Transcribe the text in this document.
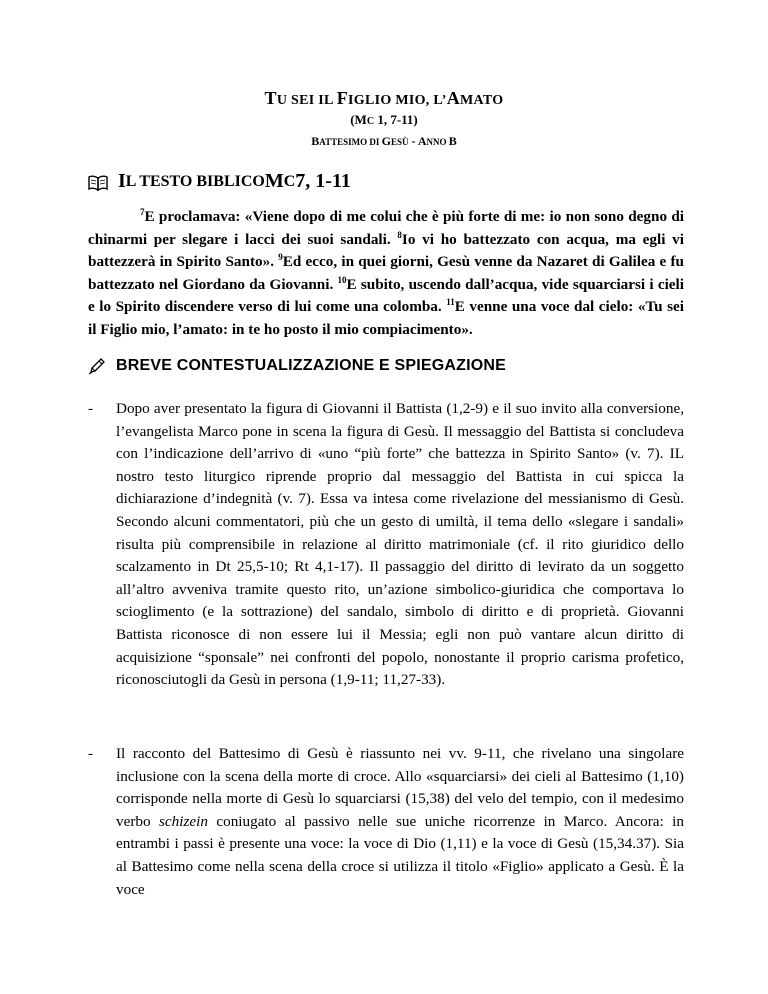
TU SEI IL FIGLIO MIO, L’AMATO
(MC 1, 7-11)
BATTESIMO DI GESÙ - ANNO B
I L TESTO BIBLICO M C 7, 1-11
$^7$E proclamava: «Viene dopo di me colui che è più forte di me: io non sono degno di chinarmi per slegare i lacci dei suoi sandali. $^8$Io vi ho battezzato con acqua, ma egli vi battezzerà in Spirito Santo». $^9$Ed ecco, in quei giorni, Gesù venne da Nazaret di Galilea e fu battezzato nel Giordano da Giovanni. $^{10}$E subito, uscendo dall’acqua, vide squarciarsi i cieli e lo Spirito discendere verso di lui come una colomba. $^{11}$E venne una voce dal cielo: «Tu sei il Figlio mio, l’amato: in te ho posto il mio compiacimento».
BREVE CONTESTUALIZZAZIONE E SPIEGAZIONE
- Dopo aver presentato la figura di Giovanni il Battista (1,2-9) e il suo invito alla conversione, l’evangelista Marco pone in scena la figura di Gesù. Il messaggio del Battista si concludeva con l’indicazione dell’arrivo di «uno “più forte” che battezza in Spirito Santo» (v. 7). IL nostro testo liturgico riprende proprio dal messaggio del Battista in cui spicca la dichiarazione d’indegnità (v. 7). Essa va intesa come rivelazione del messianismo di Gesù. Secondo alcuni commentatori, più che un gesto di umiltà, il tema dello «slegare i sandali» risulta più comprensibile in relazione al diritto matrimoniale (cf. il rito giuridico dello scalzamento in Dt 25,5-10; Rt 4,1-17). Il passaggio del diritto di levirato da un soggetto all’altro avveniva tramite questo rito, un’azione simbolico-giuridica che comportava lo scioglimento (e la sottrazione) del sandalo, simbolo di diritto e di proprietà. Giovanni Battista riconosce di non essere lui il Messia; egli non può vantare alcun diritto di acquisizione “sponsale” nei confronti del popolo, nonostante il proprio carisma profetico, riconosciutogli da Gesù in persona (1,9-11; 11,27-33).
- Il racconto del Battesimo di Gesù è riassunto nei vv. 9-11, che rivelano una singolare inclusione con la scena della morte di croce. Allo «squarciarsi» dei cieli al Battesimo (1,10) corrisponde nella morte di Gesù lo squarciarsi (15,38) del velo del tempio, con il medesimo verbo schizein coniugato al passivo nelle sue uniche ricorrenze in Marco. Ancora: in entrambi i passi è presente una voce: la voce di Dio (1,11) e la voce di Gesù (15,34.37). Sia al Battesimo come nella scena della croce si utilizza il titolo «Figlio» applicato a Gesù. È la voce
